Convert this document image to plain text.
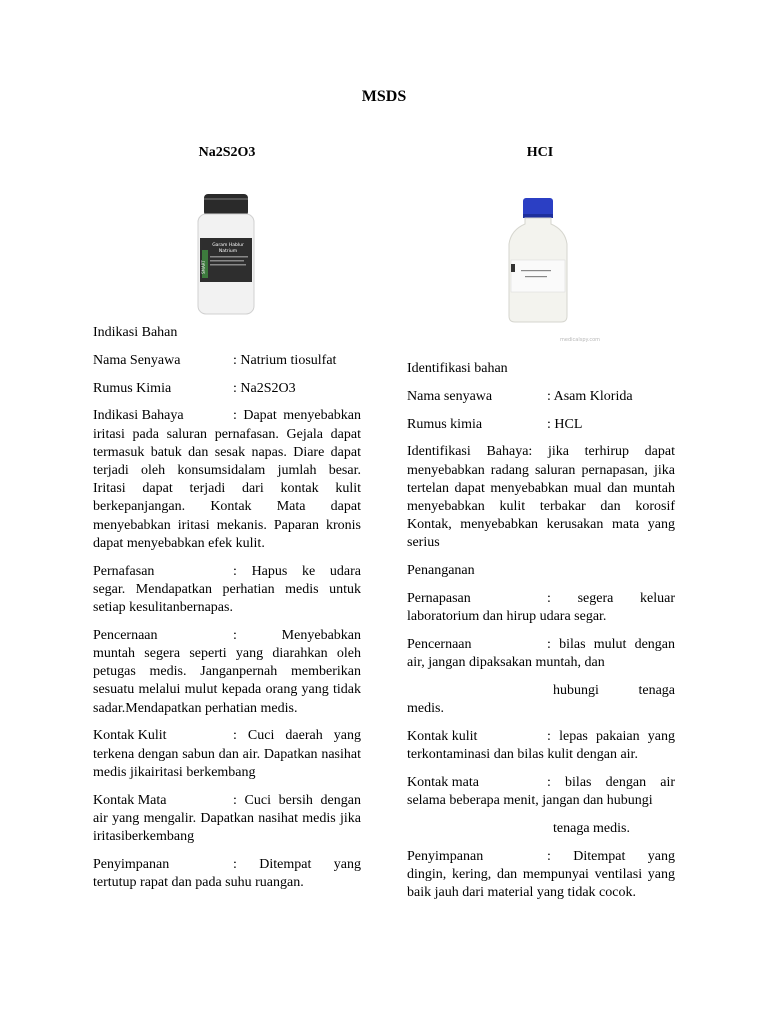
MSDS
Na2S2O3	HCI
Garam Hablur
Natrium
SMART
medicalspy.com

Indikasi Bahan

Nama Senyawa	: Natrium tiosulfat
Rumus Kimia	: Na2S2O3

Indikasi Bahaya	: Dapat menyebabkan iritasi pada saluran pernafasan. Gejala dapat termasuk batuk dan sesak napas. Diare dapat terjadi oleh konsumsidalam jumlah besar. Iritasi dapat terjadi dari kontak kulit berkepanjangan. Kontak Mata dapat menyebabkan iritasi mekanis. Paparan kronis dapat menyebabkan efek kulit.

Pernafasan	: Hapus ke udara segar. Mendapatkan perhatian medis untuk setiap kesulitanbernapas.

Pencernaan	: Menyebabkan muntah segera seperti yang diarahkan oleh petugas medis. Janganpernah memberikan sesuatu melalui mulut kepada orang yang tidak sadar.Mendapatkan perhatian medis.

Kontak Kulit	: Cuci daerah yang terkena dengan sabun dan air. Dapatkan nasihat medis jikairitasi berkembang

Kontak Mata	: Cuci bersih dengan air yang mengalir. Dapatkan nasihat medis jika iritasiberkembang

Penyimpanan	: Ditempat yang tertutup rapat dan pada suhu ruangan.

Identifikasi bahan

Nama senyawa	: Asam Klorida
Rumus kimia	: HCL

Identifikasi Bahaya: jika terhirup dapat menyebabkan radang saluran pernapasan, jika tertelan dapat menyebabkan mual dan muntah menyebabkan kulit terbakar dan korosif Kontak, menyebabkan kerusakan mata yang serius

Penanganan

Pernapasan	: segera keluar laboratorium dan hirup udara segar.

Pencernaan	: bilas mulut dengan air, jangan dipaksakan muntah, dan

hubungi tenaga medis.

Kontak kulit	: lepas pakaian yang terkontaminasi dan bilas kulit dengan air.

Kontak mata	: bilas dengan air selama beberapa menit, jangan dan hubungi

tenaga medis.

Penyimpanan	: Ditempat yang dingin, kering, dan mempunyai ventilasi yang baik jauh dari material yang tidak cocok.
